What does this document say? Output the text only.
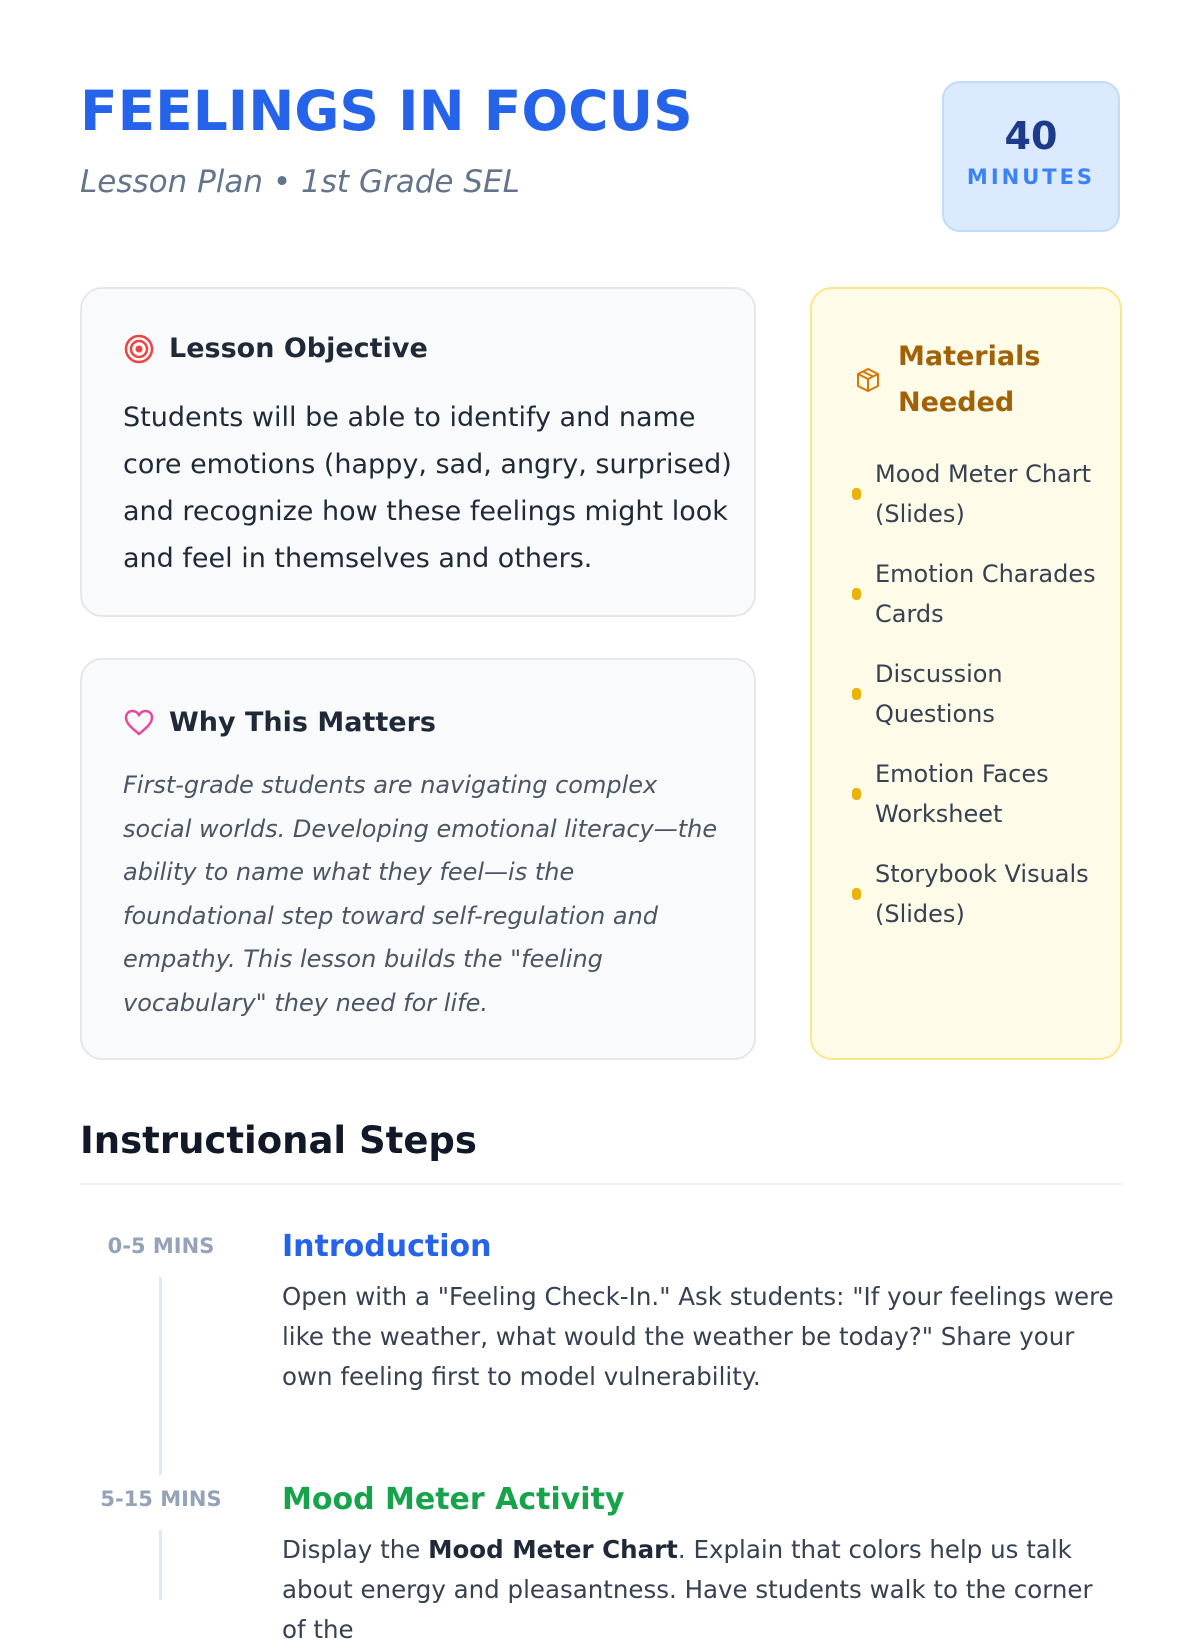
FEELINGS IN FOCUS
Lesson Plan • 1st Grade SEL
40
MINUTES
Lesson Objective

Students will be able to identify and name core emotions (happy, sad, angry, surprised) and recognize how these feelings might look and feel in themselves and others.

Why This Matters

First-grade students are navigating complex social worlds. Developing emotional literacy—the ability to name what they feel—is the foundational step toward self-regulation and empathy. This lesson builds the "feeling vocabulary" they need for life.

Materials Needed
Mood Meter Chart (Slides)
Emotion Charades Cards
Discussion Questions
Emotion Faces Worksheet
Storybook Visuals (Slides)
Instructional Steps
0-5 MINS	Introduction

Open with a "Feeling Check-In." Ask students: "If your feelings were like the weather, what would the weather be today?" Share your own feeling first to model vulnerability.

5-15 MINS	Mood Meter Activity

Display the Mood Meter Chart. Explain that colors help us talk about energy and pleasantness. Have students walk to the corner of the
